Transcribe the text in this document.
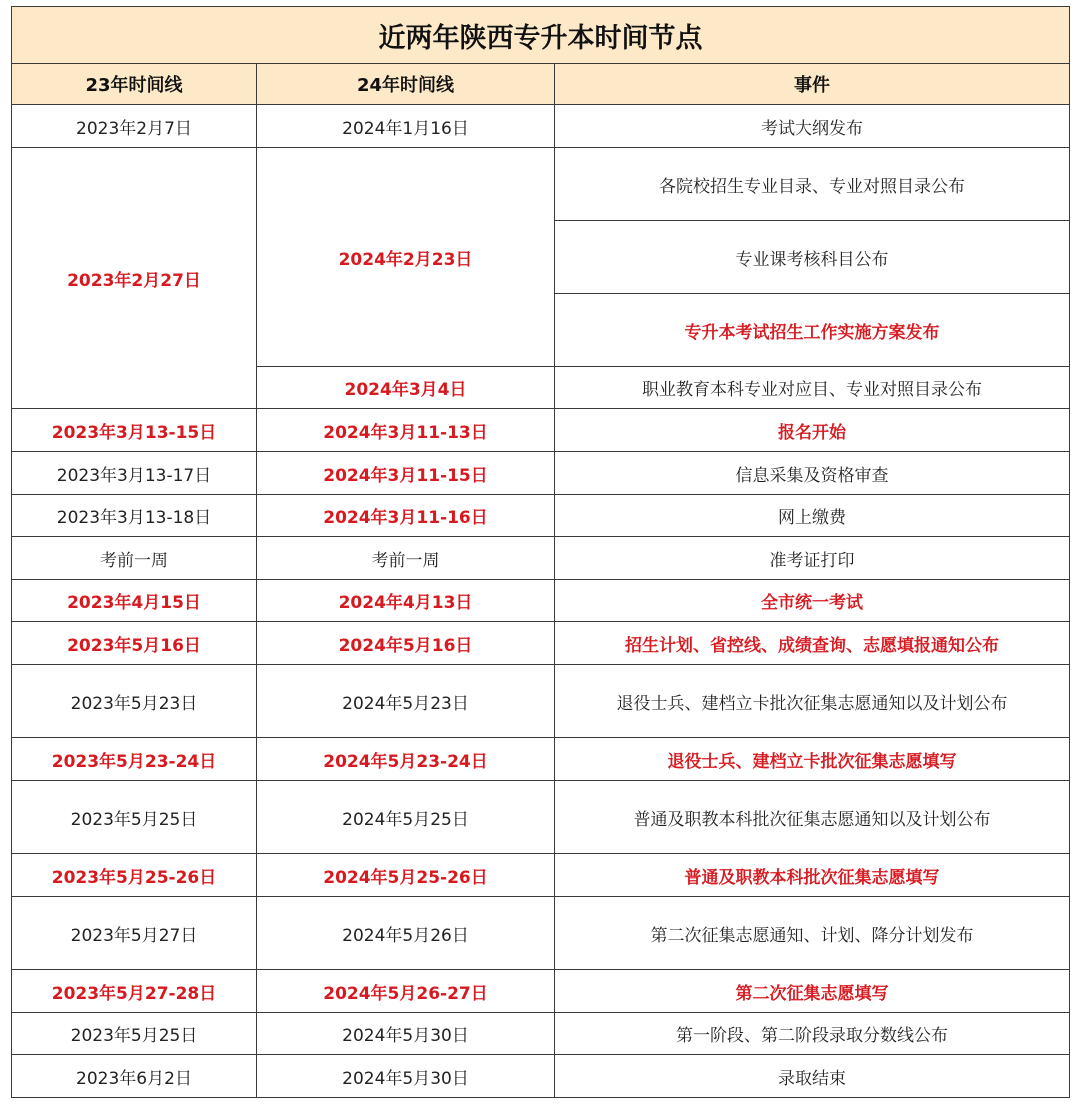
近两年陕西专升本时间节点		
23年时间线	24年时间线	事件
2023年2月7日	2024年1月16日	考试大纲发布
2023年2月27日	2024年2月23日	各院校招生专业目录、专业对照目录公布
		专业课考核科目公布
		专升本考试招生工作实施方案发布
	2024年3月4日	职业教育本科专业对应目、专业对照目录公布
2023年3月13-15日	2024年3月11-13日	报名开始
2023年3月13-17日	2024年3月11-15日	信息采集及资格审查
2023年3月13-18日	2024年3月11-16日	网上缴费
考前一周	考前一周	准考证打印
2023年4月15日	2024年4月13日	全市统一考试
2023年5月16日	2024年5月16日	招生计划、省控线、成绩查询、志愿填报通知公布
2023年5月23日	2024年5月23日	退役士兵、建档立卡批次征集志愿通知以及计划公布
2023年5月23-24日	2024年5月23-24日	退役士兵、建档立卡批次征集志愿填写
2023年5月25日	2024年5月25日	普通及职教本科批次征集志愿通知以及计划公布
2023年5月25-26日	2024年5月25-26日	普通及职教本科批次征集志愿填写
2023年5月27日	2024年5月26日	第二次征集志愿通知、计划、降分计划发布
2023年5月27-28日	2024年5月26-27日	第二次征集志愿填写
2023年5月25日	2024年5月30日	第一阶段、第二阶段录取分数线公布
2023年6月2日	2024年5月30日	录取结束
